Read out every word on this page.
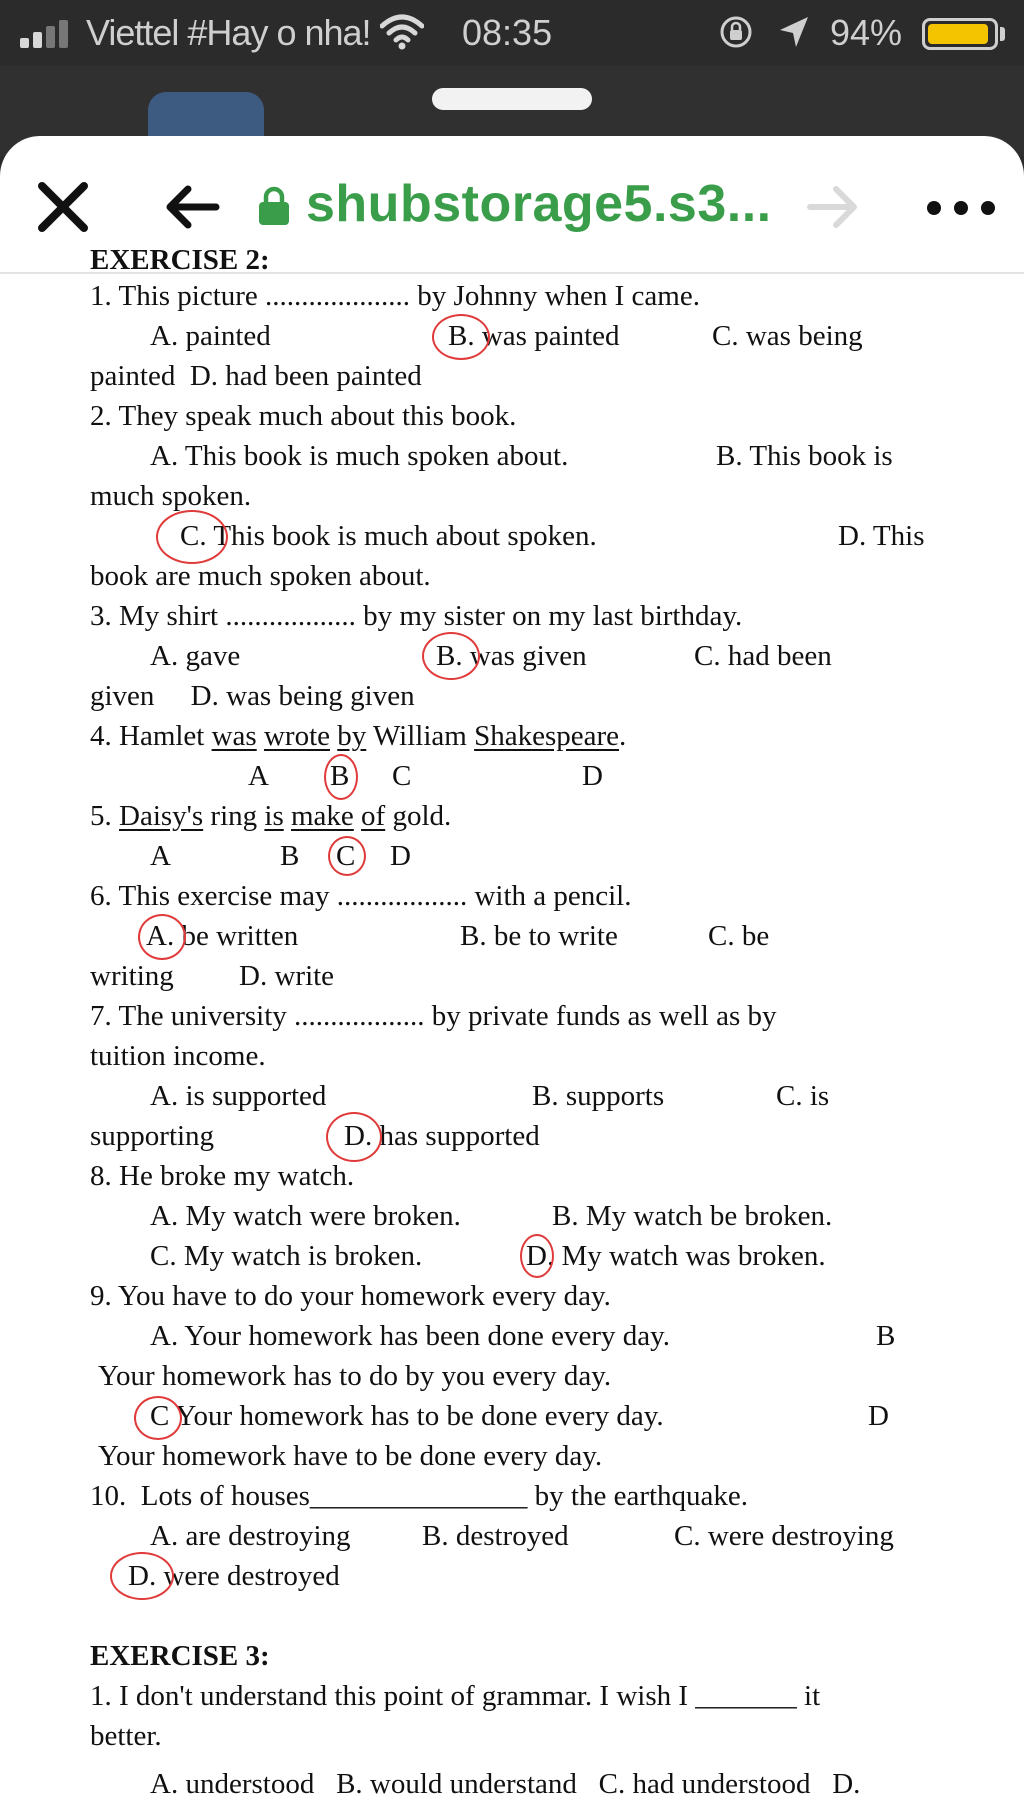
Viettel #Hay o nha!	08:35	94%
shubstorage5.s3...
EXERCISE 2:
1. This picture .................... by Johnny when I came.
A. painted	B. was painted	C. was being
painted  D. had been painted
2. They speak much about this book.
A. This book is much spoken about.	B. This book is
much spoken.
C. This book is much about spoken.	D. This
book are much spoken about.
3. My shirt .................. by my sister on my last birthday.
A. gave	B. was given	C. had been
given     D. was being given
4. Hamlet was wrote by William Shakespeare.
A B C	D
5. Daisy's ring is make of gold.
A	B C D
6. This exercise may .................. with a pencil.
A. be written	B. be to write	C. be
writing         D. write
7. The university .................. by private funds as well as by
tuition income.
A. is supported	B. supports	C. is
supporting	D. has supported
8. He broke my watch.
A. My watch were broken.	B. My watch be broken.
C. My watch is broken.	D. My watch was broken.
9. You have to do your homework every day.
A. Your homework has been done every day.	B
Your homework has to do by you every day.
C Your homework has to be done every day.	D
Your homework have to be done every day.
10.  Lots of houses_______________ by the earthquake.
A. are destroying B. destroyed	C. were destroying
D. were destroyed
EXERCISE 3:
1. I don't understand this point of grammar. I wish I _______ it
better.
A. understood   B. would understand   C. had understood   D.
